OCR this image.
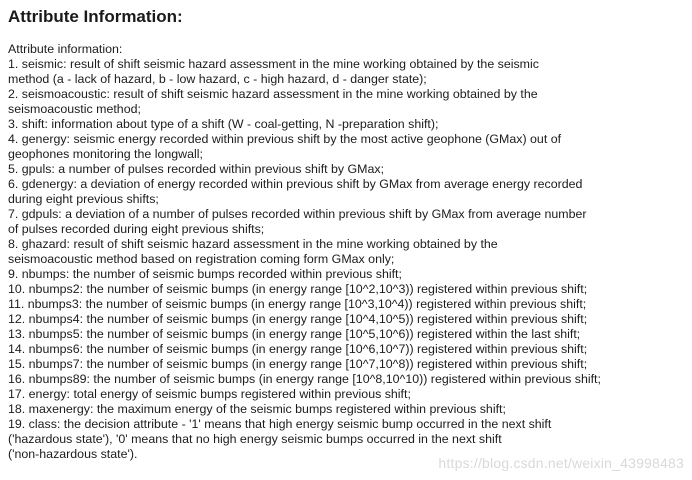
Attribute Information:
Attribute information:
1. seismic: result of shift seismic hazard assessment in the mine working obtained by the seismic
method (a - lack of hazard, b - low hazard, c - high hazard, d - danger state);
2. seismoacoustic: result of shift seismic hazard assessment in the mine working obtained by the
seismoacoustic method;
3. shift: information about type of a shift (W - coal-getting, N -preparation shift);
4. genergy: seismic energy recorded within previous shift by the most active geophone (GMax) out of
geophones monitoring the longwall;
5. gpuls: a number of pulses recorded within previous shift by GMax;
6. gdenergy: a deviation of energy recorded within previous shift by GMax from average energy recorded
during eight previous shifts;
7. gdpuls: a deviation of a number of pulses recorded within previous shift by GMax from average number
of pulses recorded during eight previous shifts;
8. ghazard: result of shift seismic hazard assessment in the mine working obtained by the
seismoacoustic method based on registration coming form GMax only;
9. nbumps: the number of seismic bumps recorded within previous shift;
10. nbumps2: the number of seismic bumps (in energy range [10^2,10^3)) registered within previous shift;
11. nbumps3: the number of seismic bumps (in energy range [10^3,10^4)) registered within previous shift;
12. nbumps4: the number of seismic bumps (in energy range [10^4,10^5)) registered within previous shift;
13. nbumps5: the number of seismic bumps (in energy range [10^5,10^6)) registered within the last shift;
14. nbumps6: the number of seismic bumps (in energy range [10^6,10^7)) registered within previous shift;
15. nbumps7: the number of seismic bumps (in energy range [10^7,10^8)) registered within previous shift;
16. nbumps89: the number of seismic bumps (in energy range [10^8,10^10)) registered within previous shift;
17. energy: total energy of seismic bumps registered within previous shift;
18. maxenergy: the maximum energy of the seismic bumps registered within previous shift;
19. class: the decision attribute - '1' means that high energy seismic bump occurred in the next shift
('hazardous state'), '0' means that no high energy seismic bumps occurred in the next shift
('non-hazardous state').
https://blog.csdn.net/weixin_43998483
